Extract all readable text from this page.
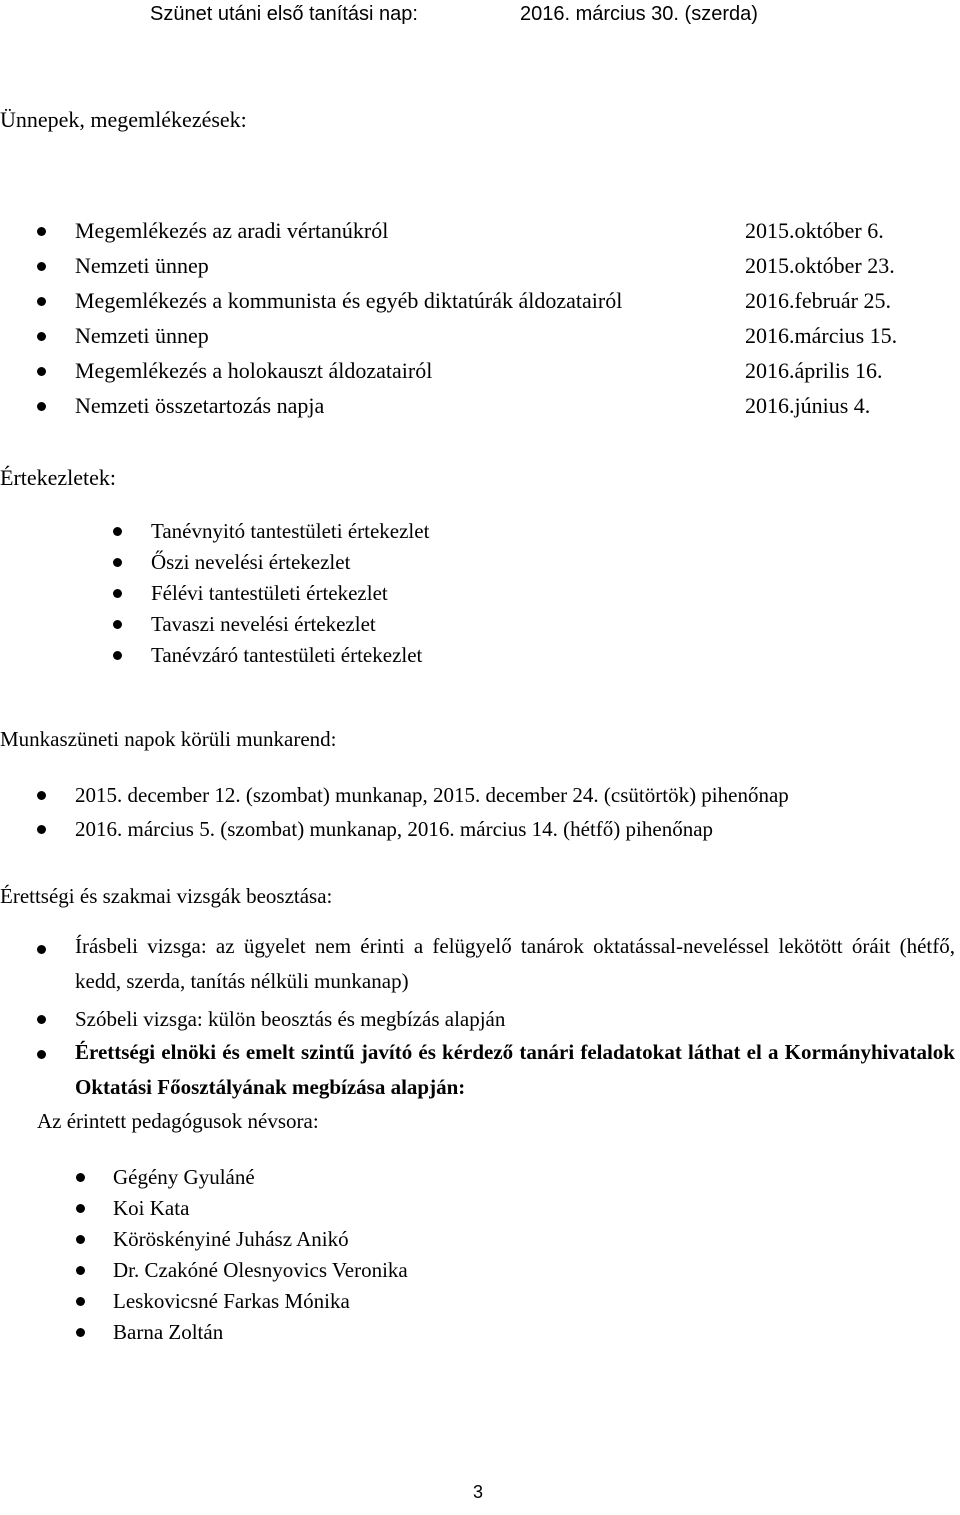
Szünet utáni első tanítási nap:	2016. március 30. (szerda)
Ünnepek, megemlékezések:
Megemlékezés az aradi vértanúkról	2015.október 6.
Nemzeti ünnep	2015.október 23.
Megemlékezés a kommunista és egyéb diktatúrák áldozatairól	2016.február 25.
Nemzeti ünnep	2016.március 15.
Megemlékezés a holokauszt áldozatairól	2016.április 16.
Nemzeti összetartozás napja	2016.június 4.
Értekezletek:
Tanévnyitó tantestületi értekezlet
Őszi nevelési értekezlet
Félévi tantestületi értekezlet
Tavaszi nevelési értekezlet
Tanévzáró tantestületi értekezlet
Munkaszüneti napok körüli munkarend:
2015. december 12. (szombat) munkanap, 2015. december 24. (csütörtök) pihenőnap
2016. március 5. (szombat) munkanap, 2016. március 14. (hétfő) pihenőnap
Érettségi és szakmai vizsgák beosztása:
Írásbeli vizsga: az ügyelet nem érinti a felügyelő tanárok oktatással-neveléssel lekötött óráit (hétfő, kedd, szerda, tanítás nélküli munkanap)
Szóbeli vizsga: külön beosztás és megbízás alapján
Érettségi elnöki és emelt szintű javító és kérdező tanári feladatokat láthat el a Kormányhivatalok Oktatási Főosztályának megbízása alapján:
Az érintett pedagógusok névsora:
Gégény Gyuláné
Koi Kata
Köröskényiné Juhász Anikó
Dr. Czakóné Olesnyovics Veronika
Leskovicsné Farkas Mónika
Barna Zoltán
3
